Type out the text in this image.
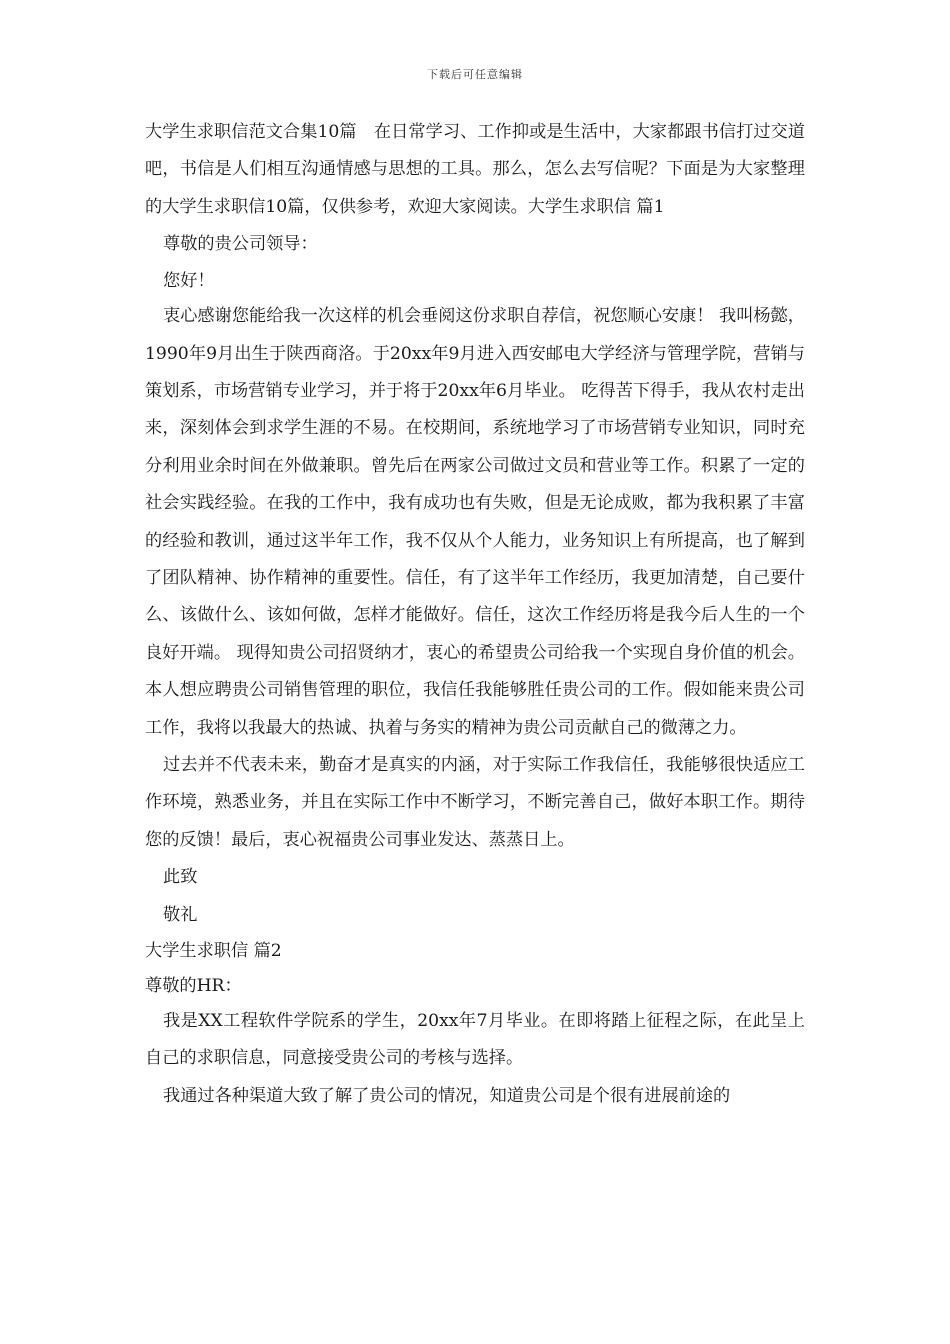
下载后可任意编辑

大学生求职信范文合集10篇　在日常学习、工作抑或是生活中，大家都跟书信打过交道吧，书信是人们相互沟通情感与思想的工具。那么，怎么去写信呢？下面是为大家整理的大学生求职信10篇，仅供参考，欢迎大家阅读。大学生求职信 篇1

尊敬的贵公司领导：

您好！

衷心感谢您能给我一次这样的机会垂阅这份求职自荐信，祝您顺心安康！ 我叫杨懿，1990年9月出生于陕西商洛。于20xx年9月进入西安邮电大学经济与管理学院，营销与策划系，市场营销专业学习，并于将于20xx年6月毕业。 吃得苦下得手，我从农村走出来，深刻体会到求学生涯的不易。在校期间，系统地学习了市场营销专业知识，同时充分利用业余时间在外做兼职。曾先后在两家公司做过文员和营业等工作。积累了一定的社会实践经验。在我的工作中，我有成功也有失败，但是无论成败，都为我积累了丰富的经验和教训，通过这半年工作，我不仅从个人能力，业务知识上有所提高，也了解到了团队精神、协作精神的重要性。信任，有了这半年工作经历，我更加清楚，自己要什么、该做什么、该如何做，怎样才能做好。信任，这次工作经历将是我今后人生的一个良好开端。 现得知贵公司招贤纳才，衷心的希望贵公司给我一个实现自身价值的机会。本人想应聘贵公司销售管理的职位，我信任我能够胜任贵公司的工作。假如能来贵公司工作，我将以我最大的热诚、执着与务实的精神为贵公司贡献自己的微薄之力。

过去并不代表未来，勤奋才是真实的内涵，对于实际工作我信任，我能够很快适应工作环境，熟悉业务，并且在实际工作中不断学习，不断完善自己，做好本职工作。期待您的反馈！最后，衷心祝福贵公司事业发达、蒸蒸日上。

此致

敬礼

大学生求职信 篇2

尊敬的HR：

我是XX工程软件学院系的学生，20xx年7月毕业。在即将踏上征程之际，在此呈上自己的求职信息，同意接受贵公司的考核与选择。

我通过各种渠道大致了解了贵公司的情况，知道贵公司是个很有进展前途的
